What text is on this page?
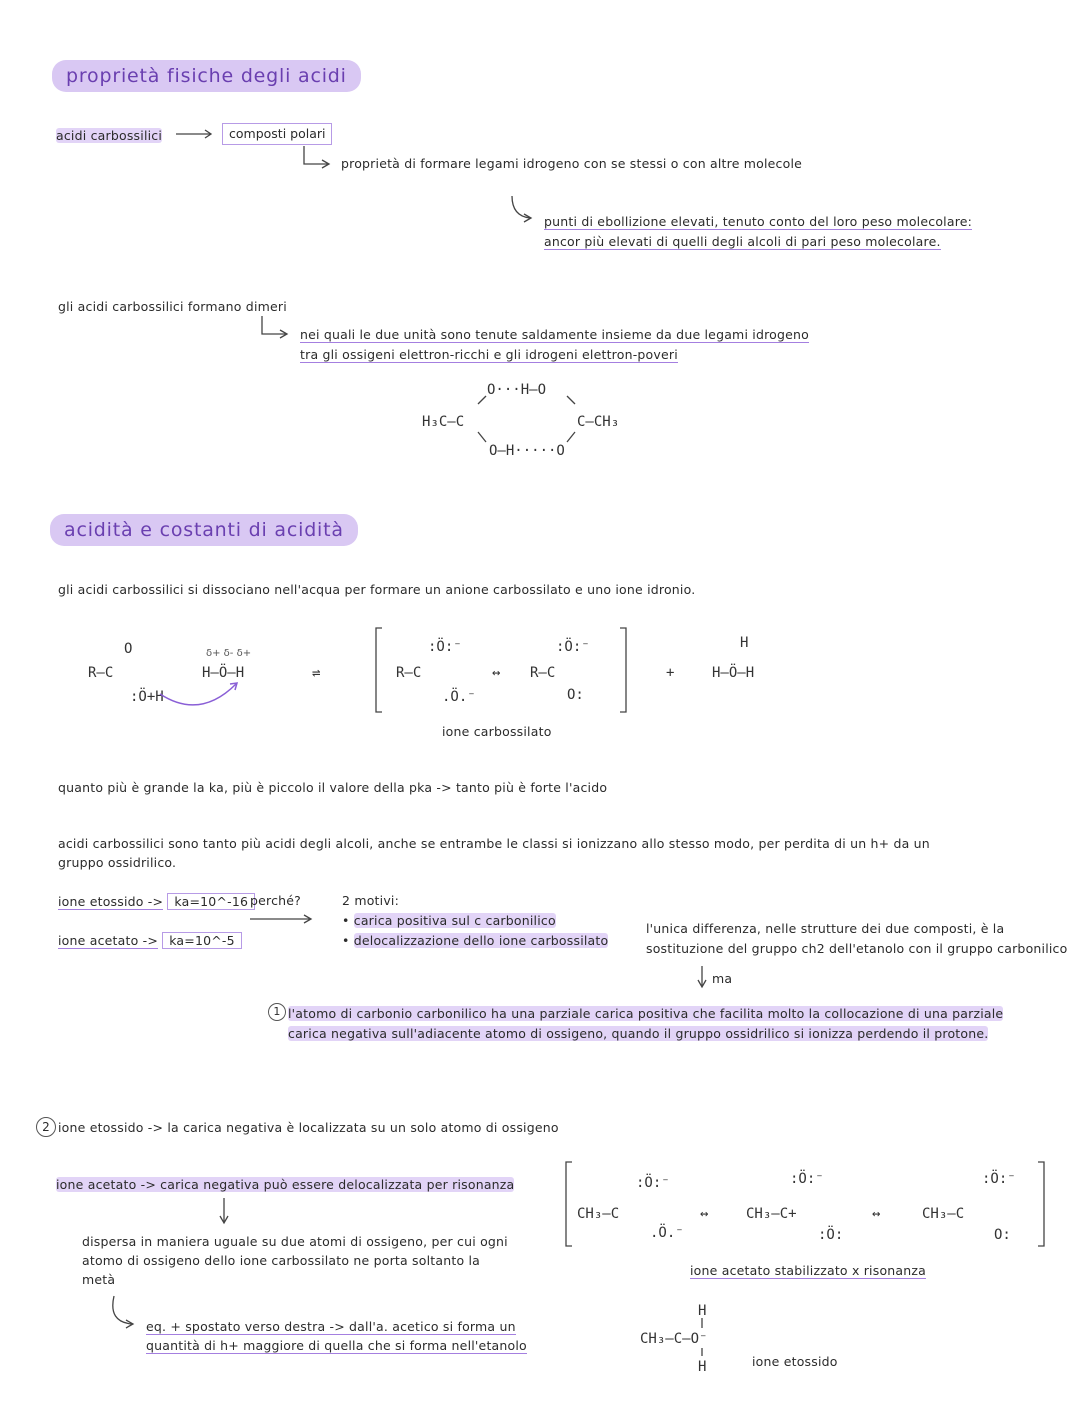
proprietà fisiche degli acidi
acidi carbossilici	composti polari
proprietà di formare legami idrogeno con se stessi o con altre molecole
punti di ebollizione elevati, tenuto conto del loro peso molecolare:
ancor più elevati di quelli degli alcoli di pari peso molecolare.
gli acidi carbossilici formano dimeri
nei quali le due unità sono tenute saldamente insieme da due legami idrogeno
tra gli ossigeni elettron-ricchi e gli idrogeni elettron-poveri
O···H–O
H₃C–C	C–CH₃
O–H·····O
acidità e costanti di acidità
gli acidi carbossilici si dissociano nell'acqua per formare un anione carbossilato e uno ione idronio.
R–C
O
:Ö+H
H–Ö–H
δ+ δ- δ+
⇌	R–C
:Ö:⁻
.Ö.⁻
↔ R–C
:Ö:⁻
O:
+	H–Ö–H
H
ione carbossilato
quanto più è grande la ka, più è piccolo il valore della pka -> tanto più è forte l'acido
acidi carbossilici sono tanto più acidi degli alcoli, anche se entrambe le classi si ionizzano allo stesso modo, per perdita di un h+ da un
gruppo ossidrilico.
ione etossido -> ka=10^-16
ione acetato -> ka=10^-5
perché?	2 motivi:
• carica positiva sul c carbonilico
• delocalizzazione dello ione carbossilato
l'unica differenza, nelle strutture dei due composti, è la
sostituzione del gruppo ch2 dell'etanolo con il gruppo carbonilico
ma
1 l'atomo di carbonio carbonilico ha una parziale carica positiva che facilita molto la collocazione di una parziale
carica negativa sull'adiacente atomo di ossigeno, quando il gruppo ossidrilico si ionizza perdendo il protone.
2 ione etossido -> la carica negativa è localizzata su un solo atomo di ossigeno
ione acetato -> carica negativa può essere delocalizzata per risonanza
dispersa in maniera uguale su due atomi di ossigeno, per cui ogni
atomo di ossigeno dello ione carbossilato ne porta soltanto la
metà
eq. + spostato verso destra -> dall'a. acetico si forma un
quantità di h+ maggiore di quella che si forma nell'etanolo
CH₃–C
:Ö:⁻
.Ö.⁻
↔	CH₃–C+
:Ö:⁻
:Ö:
↔	CH₃–C
:Ö:⁻
O:
ione acetato stabilizzato x risonanza
H
CH₃–C–O⁻
H	ione etossido
